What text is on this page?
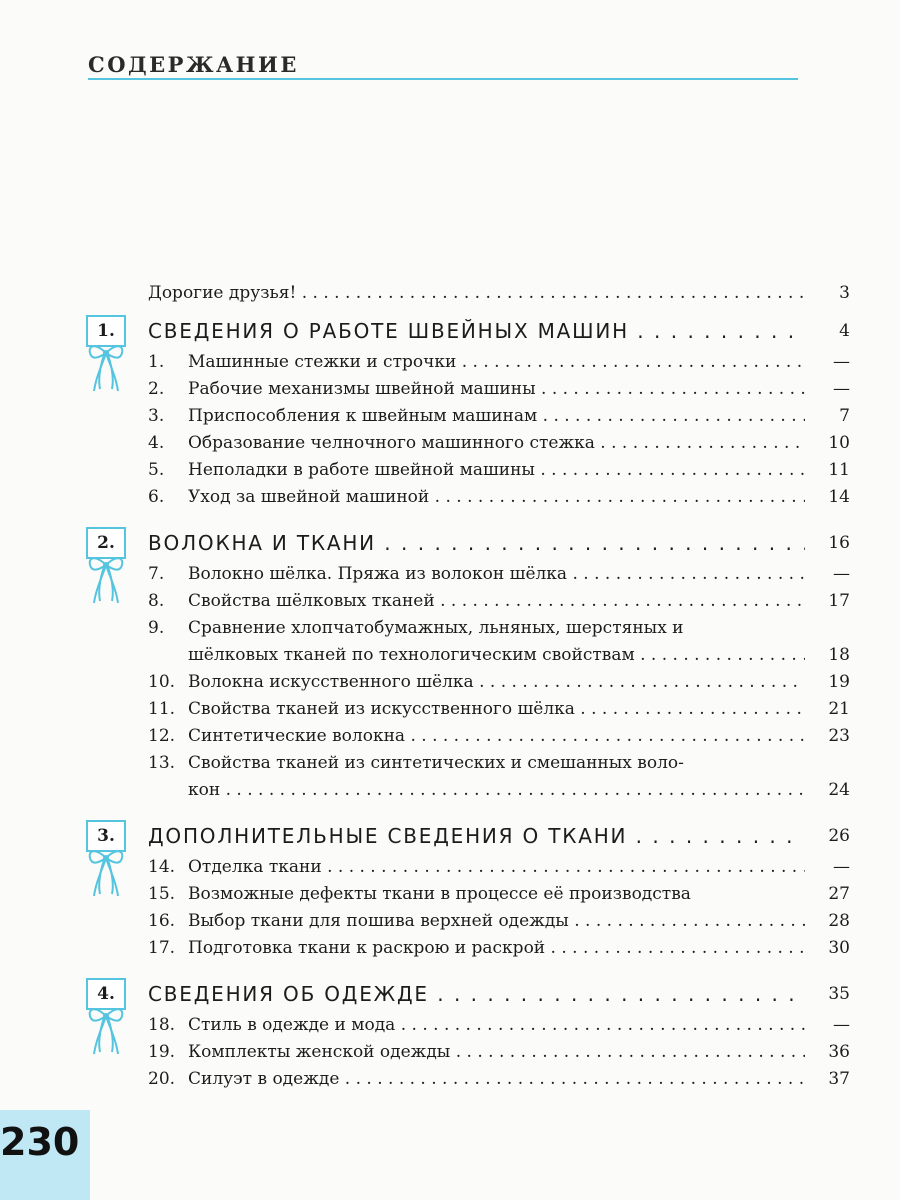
СОДЕРЖАНИЕ
Дорогие друзья! . . .	3
1.	СВЕДЕНИЯ О РАБОТЕ ШВЕЙНЫХ МАШИН . . .	4
1.	Машинные стежки и строчки . . .	—
2.	Рабочие механизмы швейной машины . . .	—
3.	Приспособления к швейным машинам . . .	7
4.	Образование челночного машинного стежка . . .	10
5.	Неполадки в работе швейной машины . . .	11
6.	Уход за швейной машиной . . .	14
2.	ВОЛОКНА И ТКАНИ . . .	16
7.	Волокно шёлка. Пряжа из волокон шёлка . . .	—
8.	Свойства шёлковых тканей . . .	17
9.	Сравнение хлопчатобумажных, льняных, шерстяных и
шёлковых тканей по технологическим свойствам . . .	18
10. Волокна искусственного шёлка . . .	19
11. Свойства тканей из искусственного шёлка . . .	21
12. Синтетические волокна . . .	23
13. Свойства тканей из синтетических и смешанных воло-
кон . . .	24
3.	ДОПОЛНИТЕЛЬНЫЕ СВЕДЕНИЯ О ТКАНИ . . .	26
14. Отделка ткани . . .	—
15. Возможные дефекты ткани в процессе её производства	27
16. Выбор ткани для пошива верхней одежды . . .	28
17. Подготовка ткани к раскрою и раскрой . . .	30
4.	СВЕДЕНИЯ ОБ ОДЕЖДЕ . . .	35
18. Стиль в одежде и мода . . .	—
19. Комплекты женской одежды . . .	36
20. Силуэт в одежде . . .	37
230
